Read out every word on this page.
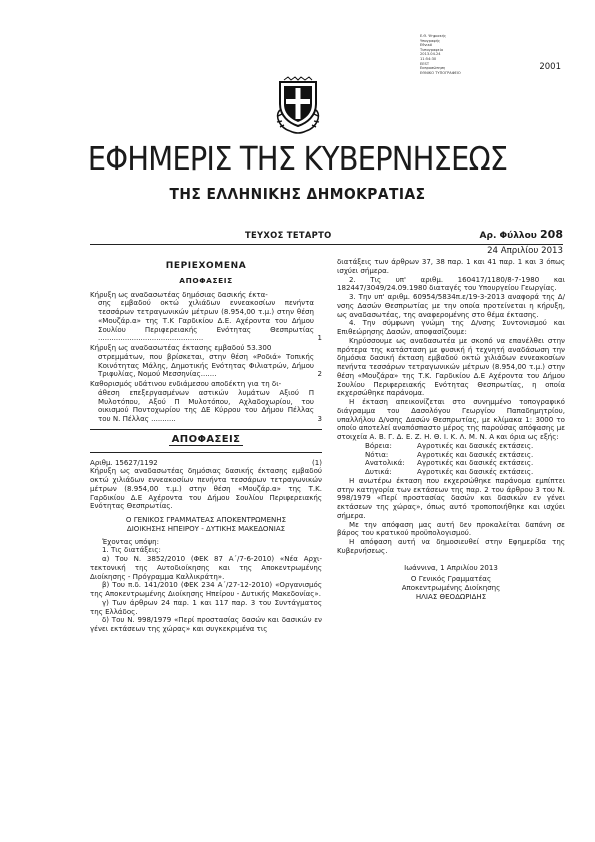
Ε.Θ. Ψηφιακής
Υπογραφής
Εθνικό
Τυπογραφείο
2013.04.24
11:54:30
ΕΕST
Εκπροσώπηση
ΕΘΝΙΚΟ ΤΥΠΟΓΡΑΦΕΙΟ
2001
ΕΦΗΜΕΡΙΣ ΤΗΣ ΚΥΒΕΡΝΗΣΕΩΣ
ΤΗΣ ΕΛΛΗΝΙΚΗΣ ΔΗΜΟΚΡΑΤΙΑΣ
ΤΕΥΧΟΣ ΤΕΤΑΡΤΟ	Αρ. Φύλλου 208
24 Απριλίου 2013
ΠΕΡΙΕΧΟΜΕΝΑ
ΑΠΟΦΑΣΕΙΣ
Κήρυξη ως αναδασωτέας δημόσιας δασικής έκτα-
σης εμβαδού οκτώ χιλιάδων εννεακοσίων πενήντα τεσσάρων τετραγωνικών μέτρων (8.954,00 τ.μ.) στην θέση «Μουζάρ.α» της Τ.Κ Γαρδικίου Δ.Ε. Αχέροντα του Δήμου Σουλίου Περιφερειακής Ενότητας Θεσπρωτίας ...............................................	1
Κήρυξη ως αναδασωτέας έκτασης εμβαδού 53.300
στρεμμάτων, που βρίσκεται, στην θέση «Ροδιά» Τοπικής Κοινότητας Μάλης, Δημοτικής Ενότητας Φιλιατρών, Δήμου Τριφυλίας, Νομού Μεσσηνίας.......	2
Καθορισμός υδάτινου ενδιάμεσου αποδέκτη για τη δι-
άθεση επεξεργασμένων αστικών λυμάτων Αξιού Π Μυλοτόπου, Αξού Π Μυλοτόπου, Αχλαδοχωρίου, του οικισμού Ποντοχωρίου της ΔΕ Κύρρου του Δήμου Πέλλας του Ν. Πέλλας ...........	3
ΑΠΟΦΑΣΕΙΣ
Αριθμ. 15627/1192	(1)
Κήρυξη ως αναδασωτέας δημόσιας δασικής έκτασης εμβαδού οκτώ χιλιάδων εννεακοσίων πενήντα τεσσάρων τετραγωνικών μέτρων (8.954,00 τ.μ.) στην θέση «Μουζάρ.α» της Τ.Κ. Γαρδικίου Δ.Ε Αχέροντα του Δήμου Σουλίου Περιφερειακής Ενότητας Θεσπρωτίας.
Ο ΓΕΝΙΚΟΣ ΓΡΑΜΜΑΤΕΑΣ ΑΠΟΚΕΝΤΡΩΜΕΝΗΣ
ΔΙΟΙΚΗΣΗΣ ΗΠΕΙΡΟΥ - ΔΥΤΙΚΗΣ ΜΑΚΕΔΟΝΙΑΣ
Έχοντας υπόψη:
1. Τις διατάξεις:
α) Του Ν. 3852/2010 (ΦΕΚ 87 Α΄/7-6-2010) «Νέα Αρχιτεκτονική της Αυτοδιοίκησης και της Αποκεντρωμένης Διοίκησης - Πρόγραμμα Καλλικράτη».
β) Του π.δ. 141/2010 (ΦΕΚ 234 Α΄/27-12-2010) «Οργανισμός της Αποκεντρωμένης Διοίκησης Ηπείρου - Δυτικής Μακεδονίας».
γ) Των άρθρων 24 παρ. 1 και 117 παρ. 3 του Συντάγματος της Ελλάδος.
δ) Του Ν. 998/1979 «Περί προστασίας δασών και δασικών εν γένει εκτάσεων της χώρας» και συγκεκριμένα τις
διατάξεις των άρθρων 37, 38 παρ. 1 και 41 παρ. 1 και 3 όπως ισχύει σήμερα.
2. Τις υπ' αριθμ. 160417/1180/8-7-1980 και 182447/3049/24.09.1980 διαταγές του Υπουργείου Γεωργίας.
3. Την υπ' αριθμ. 60954/5834π.ε/19-3-2013 αναφορά της Δ/νσης Δασών Θεσπρωτίας με την οποία προτείνεται η κήρυξη, ως αναδασωτέας, της αναφερομένης στο θέμα έκτασης.
4. Την σύμφωνη γνώμη της Δ/νσης Συντονισμού και Επιθεώρησης Δασών, αποφασίζουμε:
Κηρύσσουμε ως αναδασωτέα με σκοπό να επανέλθει στην πρότερα της κατάσταση με φυσική ή τεχνητή αναδάσωση την δημόσια δασική έκταση εμβαδού οκτώ χιλιάδων εννεακοσίων πενήντα τεσσάρων τετραγωνικών μέτρων (8.954,00 τ.μ.) στην θέση «Μουζάρα» της Τ.Κ. Γαρδικίου Δ.Ε Αχέροντα του Δήμου Σουλίου Περιφερειακής Ενότητας Θεσπρωτίας, η οποία εκχερσώθηκε παράνομα.
Η έκταση απεικονίζεται στο συνημμένο τοπογραφικό διάγραμμα του Δασολόγου Γεωργίου Παπαδημητρίου, υπαλλήλου Δ/νσης Δασών Θεσπρωτίας, με κλίμακα 1: 3000 το οποίο αποτελεί αναπόσπαστο μέρος της παρούσας απόφασης με στοιχεία Α. Β. Γ. Δ. Ε. Ζ. Η. Θ. Ι. Κ. Λ. Μ. Ν. Α και όρια ως εξής:
Βόρεια:	Αγροτικές και δασικές εκτάσεις.
Νότια:	Αγροτικές και δασικές εκτάσεις.
Ανατολικά:	Αγροτικές και δασικές εκτάσεις.
Δυτικά:	Αγροτικές και δασικές εκτάσεις.
Η ανωτέρω έκταση που εκχερσώθηκε παράνομα εμπίπτει στην κατηγορία των εκτάσεων της παρ. 2 του άρθρου 3 του Ν. 998/1979 «Περί προστασίας δασών και δασικών εν γένει εκτάσεων της χώρας», όπως αυτό τροποποιήθηκε και ισχύει σήμερα.
Με την απόφαση μας αυτή δεν προκαλείται δαπάνη σε βάρος του κρατικού προϋπολογισμού.
Η απόφαση αυτή να δημοσιευθεί στην Εφημερίδα της Κυβερνήσεως.
Ιωάννινα, 1 Απριλίου 2013
Ο Γενικός Γραμματέας
Αποκεντρωμένης Διοίκησης
ΗΛΙΑΣ ΘΕΟΔΩΡΙΔΗΣ
